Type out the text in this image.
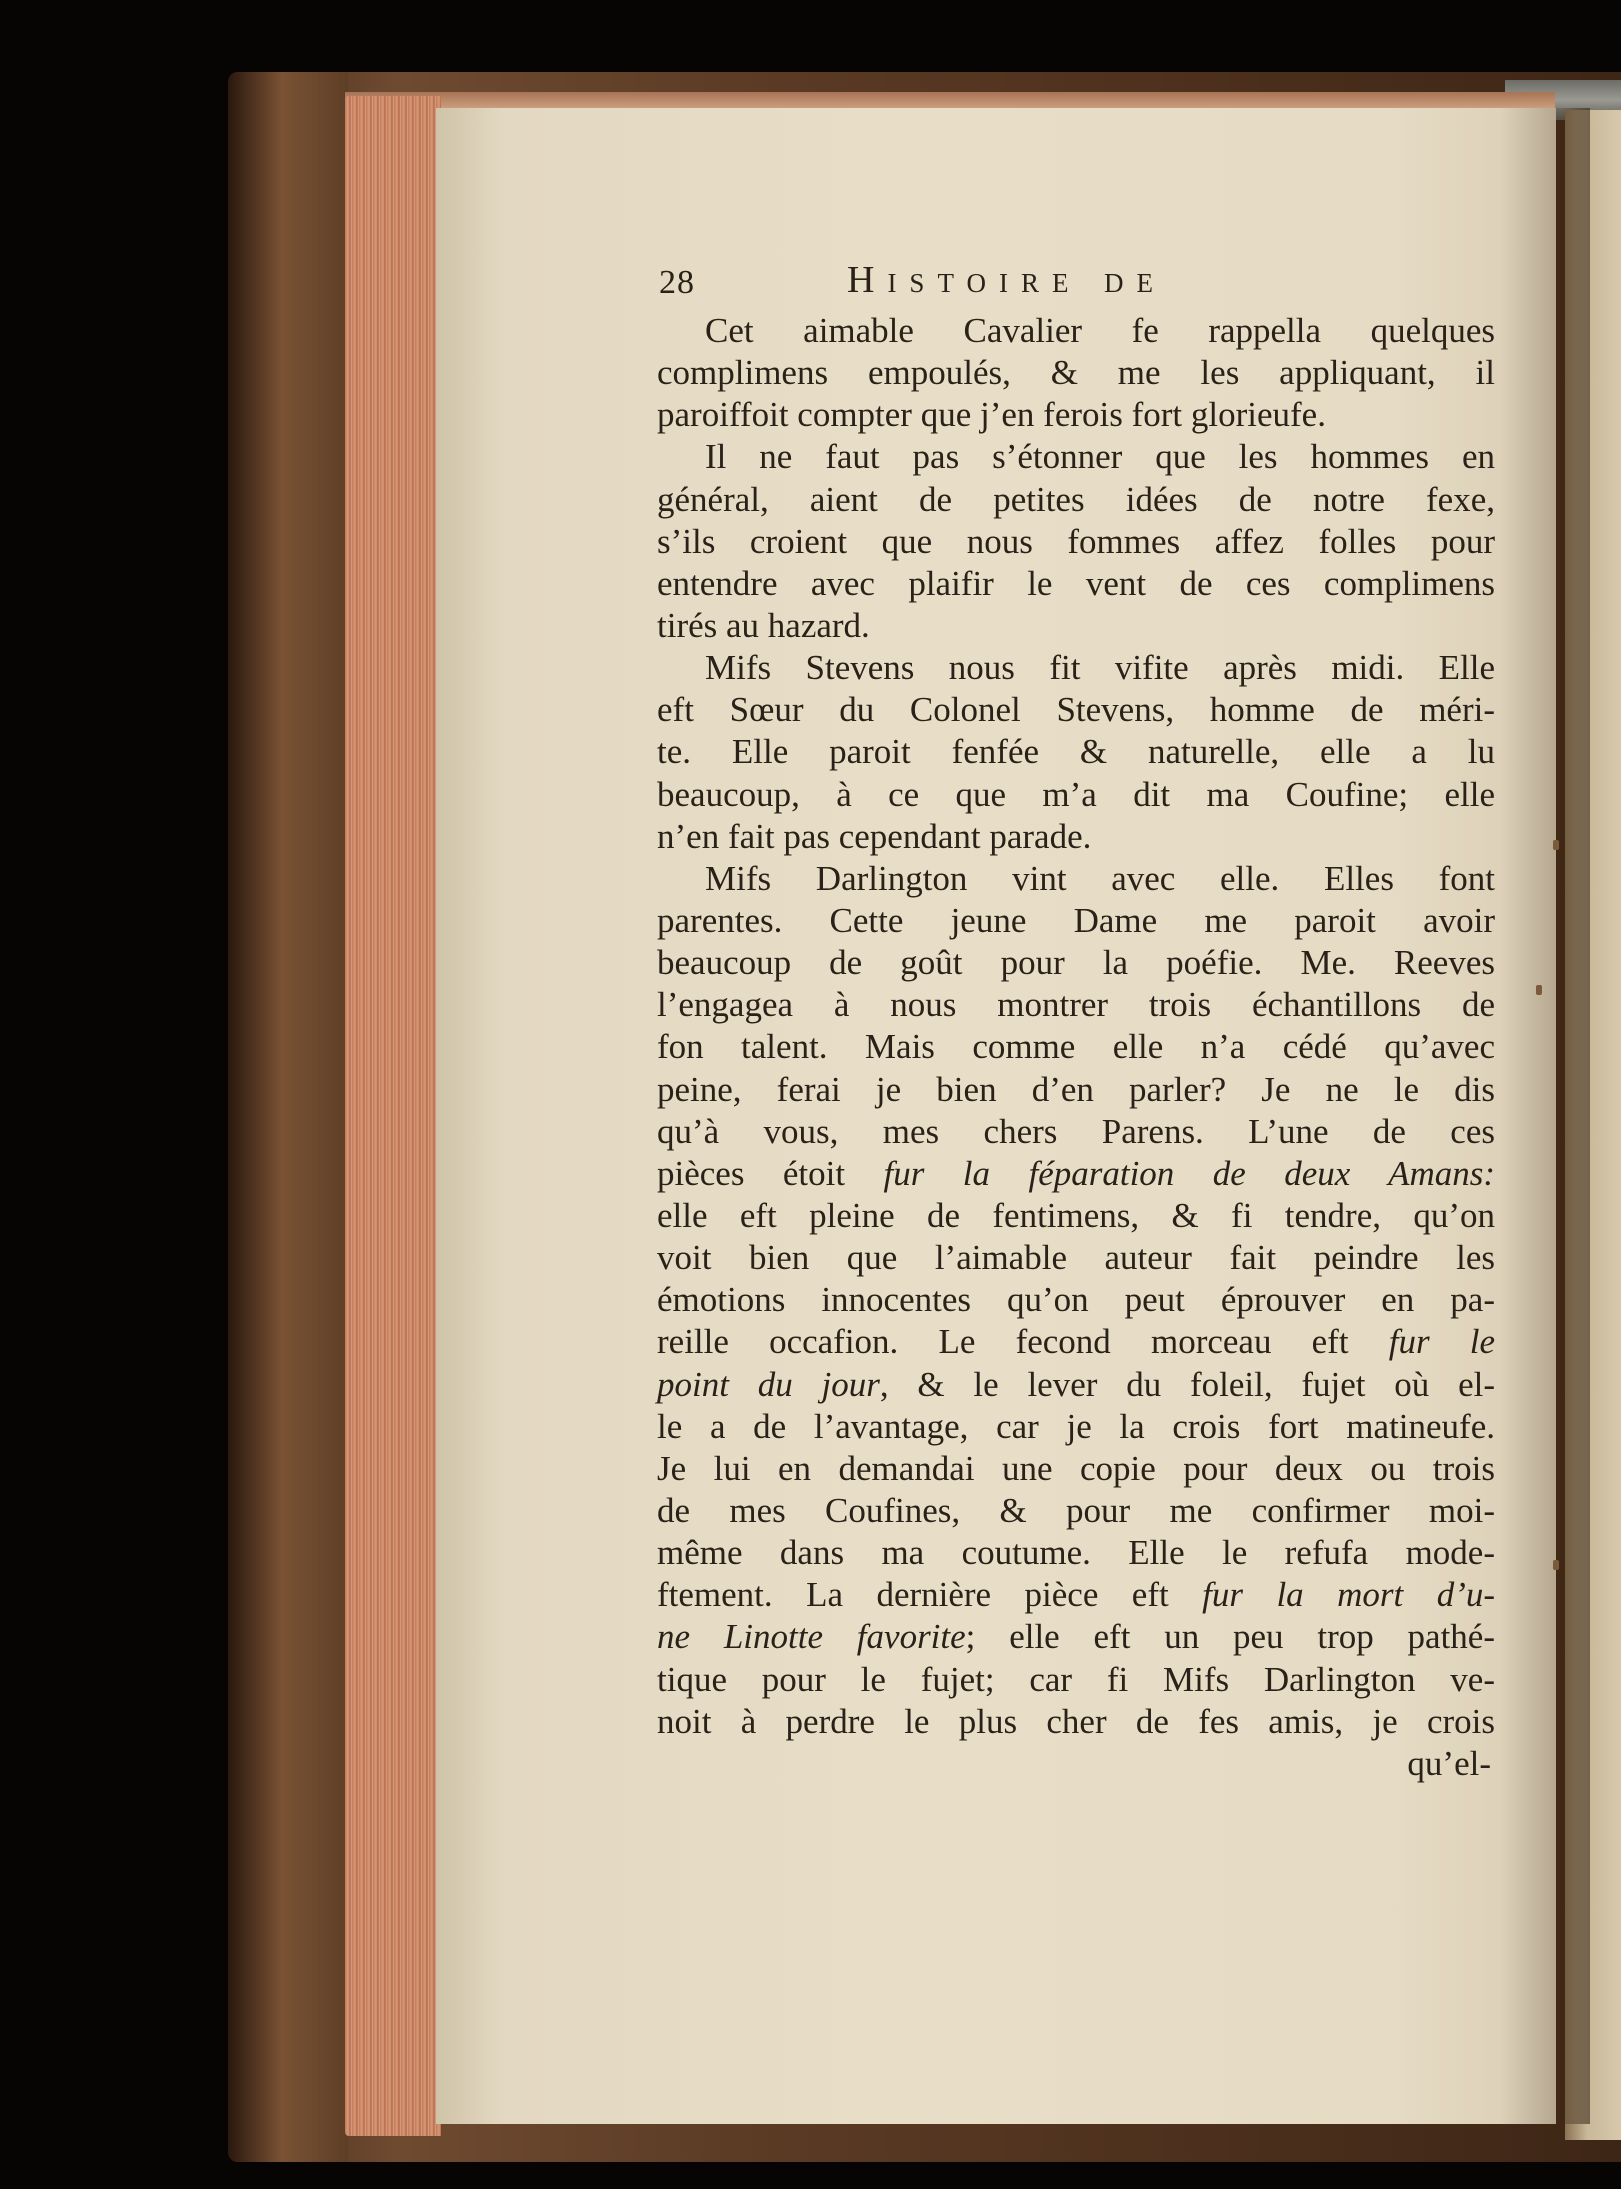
28	Histoire de
Cet aimable Cavalier fe rappella quelques
complimens empoulés, & me les appliquant, il
paroiffoit compter que j’en ferois fort glorieufe.
Il ne faut pas s’étonner que les hommes en
général, aient de petites idées de notre fexe,
s’ils croient que nous fommes affez folles pour
entendre avec plaifir le vent de ces complimens
tirés au hazard.
Mifs Stevens nous fit vifite après midi. Elle
eft Sœur du Colonel Stevens, homme de méri-
te. Elle paroit fenfée & naturelle, elle a lu
beaucoup, à ce que m’a dit ma Coufine; elle
n’en fait pas cependant parade.
Mifs Darlington vint avec elle. Elles font
parentes. Cette jeune Dame me paroit avoir
beaucoup de goût pour la poéfie. Me. Reeves
l’engagea à nous montrer trois échantillons de
fon talent. Mais comme elle n’a cédé qu’avec
peine, ferai je bien d’en parler? Je ne le dis
qu’à vous, mes chers Parens. L’une de ces
pièces étoit fur la féparation de deux Amans:
elle eft pleine de fentimens, & fi tendre, qu’on
voit bien que l’aimable auteur fait peindre les
émotions innocentes qu’on peut éprouver en pa-
reille occafion. Le fecond morceau eft fur le
point du jour, & le lever du foleil, fujet où el-
le a de l’avantage, car je la crois fort matineufe.
Je lui en demandai une copie pour deux ou trois
de mes Coufines, & pour me confirmer moi-
même dans ma coutume. Elle le refufa mode-
ftement. La dernière pièce eft fur la mort d’u-
ne Linotte favorite; elle eft un peu trop pathé-
tique pour le fujet; car fi Mifs Darlington ve-
noit à perdre le plus cher de fes amis, je crois
qu’el-
